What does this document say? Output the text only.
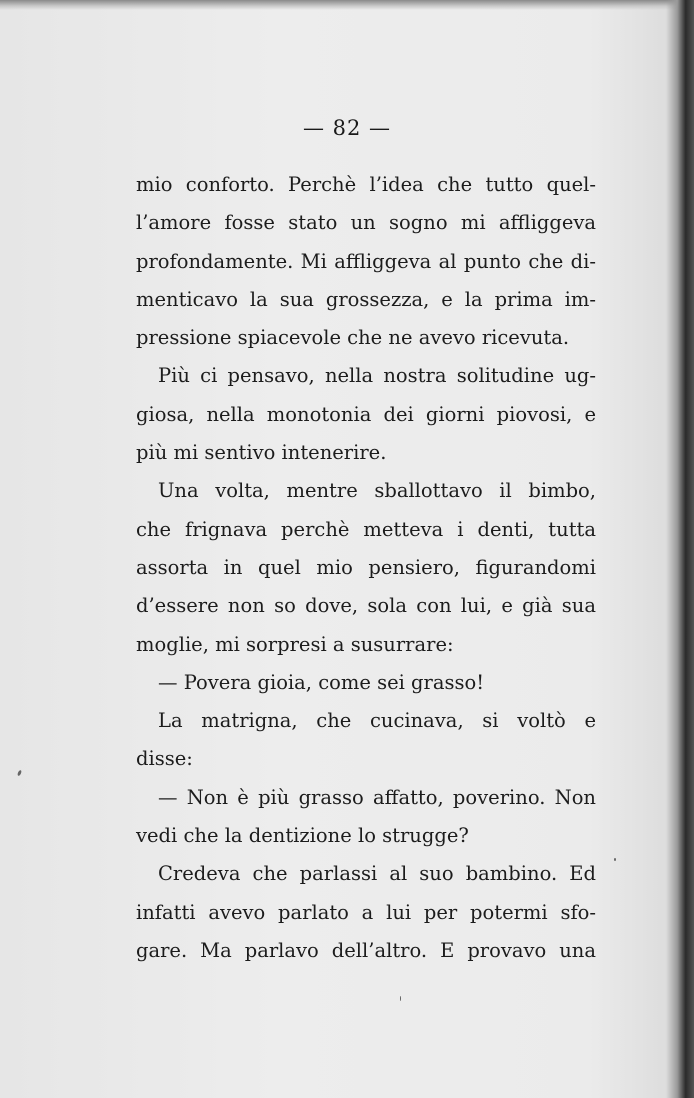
— 82 —
mio conforto. Perchè l’idea che tutto quel-
l’amore fosse stato un sogno mi affliggeva
profondamente. Mi affliggeva al punto che di-
menticavo la sua grossezza, e la prima im-
pressione spiacevole che ne avevo ricevuta.
Più ci pensavo, nella nostra solitudine ug-
giosa, nella monotonia dei giorni piovosi, e
più mi sentivo intenerire.
Una volta, mentre sballottavo il bimbo,
che frignava perchè metteva i denti, tutta
assorta in quel mio pensiero, figurandomi
d’essere non so dove, sola con lui, e già sua
moglie, mi sorpresi a susurrare:
— Povera gioia, come sei grasso!
La matrigna, che cucinava, si voltò e
disse:
— Non è più grasso affatto, poverino. Non
vedi che la dentizione lo strugge?
Credeva che parlassi al suo bambino. Ed
infatti avevo parlato a lui per potermi sfo-
gare. Ma parlavo dell’altro. E provavo una
